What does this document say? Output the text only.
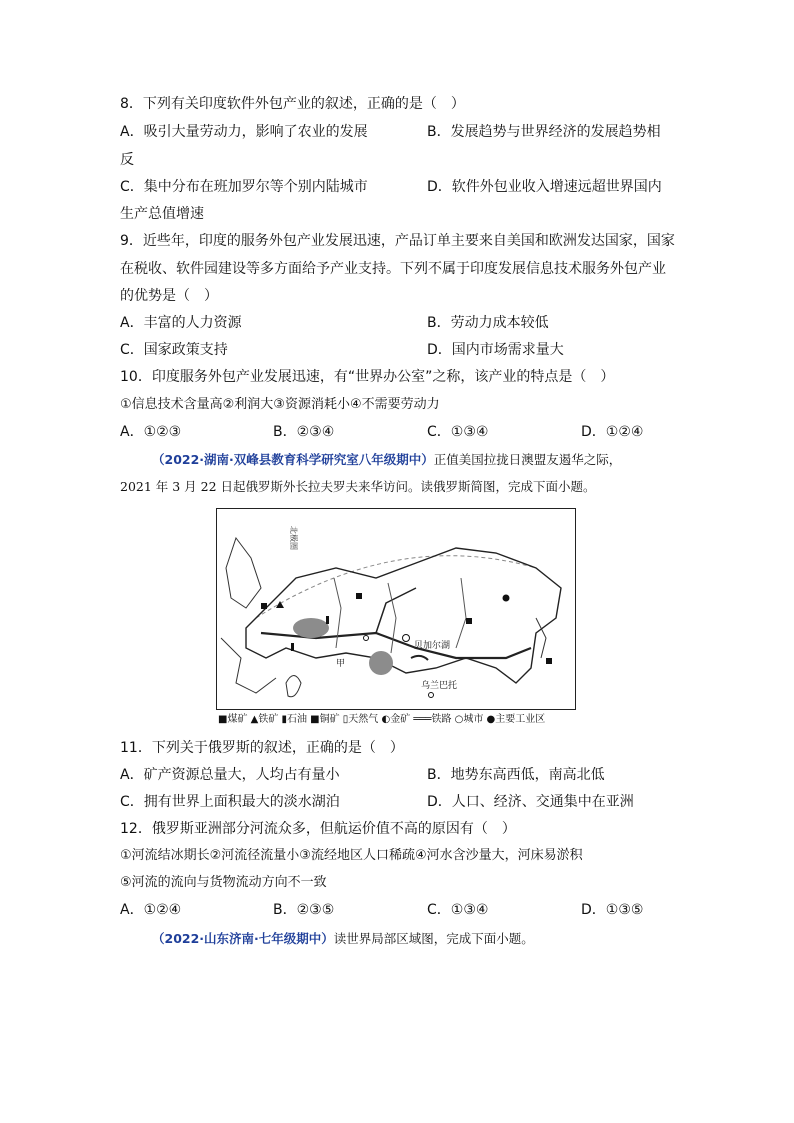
8．下列有关印度软件外包产业的叙述，正确的是（　）
A．吸引大量劳动力，影响了农业的发展	B．发展趋势与世界经济的发展趋势相
反
C．集中分布在班加罗尔等个别内陆城市	D．软件外包业收入增速远超世界国内
生产总值增速
9．近些年，印度的服务外包产业发展迅速，产品订单主要来自美国和欧洲发达国家，国家
在税收、软件园建设等多方面给予产业支持。下列不属于印度发展信息技术服务外包产业
的优势是（　）
A．丰富的人力资源	B．劳动力成本较低
C．国家政策支持	D．国内市场需求量大
10．印度服务外包产业发展迅速，有“世界办公室”之称，该产业的特点是（　）
①信息技术含量高②利润大③资源消耗小④不需要劳动力
A．①②③	B．②③④	C．①③④	D．①②④
（2022·湖南·双峰县教育科学研究室八年级期中）正值美国拉拢日澳盟友遏华之际，
2021 年 3 月 22 日起俄罗斯外长拉夫罗夫来华访问。读俄罗斯简图，完成下面小题。
北极圈
甲
贝加尔湖
乌兰巴托
■煤矿 ▲铁矿 ▮石油 ■铜矿 ▯天然气 ◐金矿 ═══铁路 ○城市 ●主要工业区
11．下列关于俄罗斯的叙述，正确的是（　）
A．矿产资源总量大，人均占有量小	B．地势东高西低，南高北低
C．拥有世界上面积最大的淡水湖泊	D．人口、经济、交通集中在亚洲
12．俄罗斯亚洲部分河流众多，但航运价值不高的原因有（　）
①河流结冰期长②河流径流量小③流经地区人口稀疏④河水含沙量大，河床易淤积
⑤河流的流向与货物流动方向不一致
A．①②④	B．②③⑤	C．①③④	D．①③⑤
（2022·山东济南·七年级期中）读世界局部区域图，完成下面小题。
